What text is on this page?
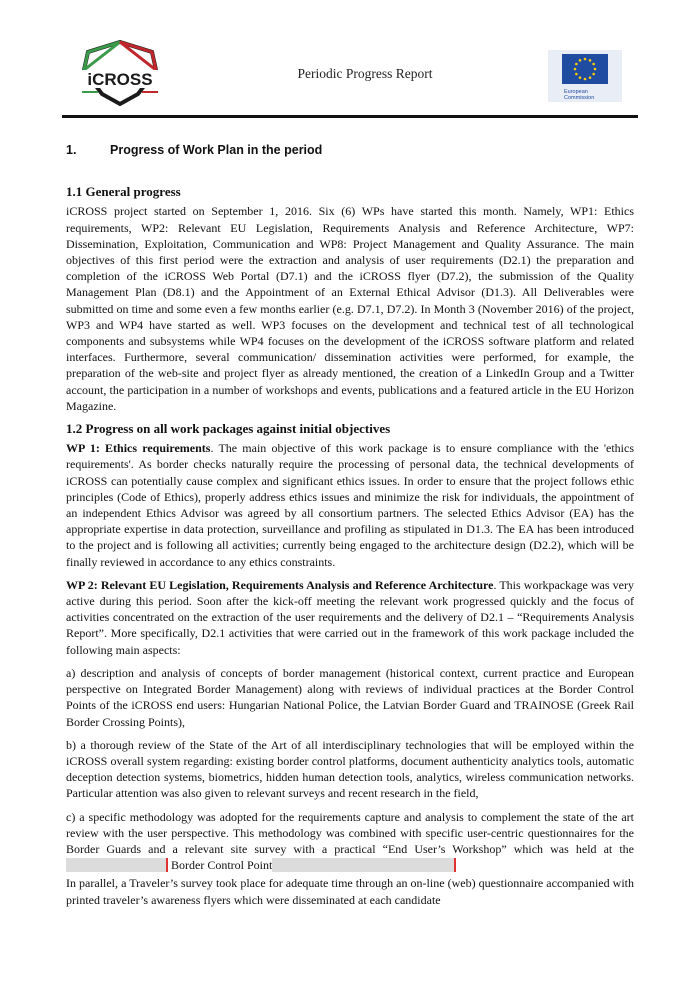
iCROSS	Periodic Progress Report
European
Commission
1.	Progress of Work Plan in the period
1.1 General progress

iCROSS project started on September 1, 2016. Six (6) WPs have started this month. Namely, WP1: Ethics requirements, WP2: Relevant EU Legislation, Requirements Analysis and Reference Architecture, WP7: Dissemination, Exploitation, Communication and WP8: Project Management and Quality Assurance. The main objectives of this first period were the extraction and analysis of user requirements (D2.1) the preparation and completion of the iCROSS Web Portal (D7.1) and the iCROSS flyer (D7.2), the submission of the Quality Management Plan (D8.1) and the Appointment of an External Ethical Advisor (D1.3). All Deliverables were submitted on time and some even a few months earlier (e.g. D7.1, D7.2). In Month 3 (November 2016) of the project, WP3 and WP4 have started as well. WP3 focuses on the development and technical test of all technological components and subsystems while WP4 focuses on the development of the iCROSS software platform and related interfaces. Furthermore, several communication/ dissemination activities were performed, for example, the preparation of the web-site and project flyer as already mentioned, the creation of a LinkedIn Group and a Twitter account, the participation in a number of workshops and events, publications and a featured article in the EU Horizon Magazine.

1.2 Progress on all work packages against initial objectives

WP 1: Ethics requirements. The main objective of this work package is to ensure compliance with the 'ethics requirements'. As border checks naturally require the processing of personal data, the technical developments of iCROSS can potentially cause complex and significant ethics issues. In order to ensure that the project follows ethic principles (Code of Ethics), properly address ethics issues and minimize the risk for individuals, the appointment of an independent Ethics Advisor was agreed by all consortium partners. The selected Ethics Advisor (EA) has the appropriate expertise in data protection, surveillance and profiling as stipulated in D1.3. The EA has been introduced to the project and is following all activities; currently being engaged to the architecture design (D2.2), which will be finally reviewed in accordance to any ethics constraints.

WP 2: Relevant EU Legislation, Requirements Analysis and Reference Architecture. This workpackage was very active during this period. Soon after the kick-off meeting the relevant work progressed quickly and the focus of activities concentrated on the extraction of the user requirements and the delivery of D2.1 – “Requirements Analysis Report”. More specifically, D2.1 activities that were carried out in the framework of this work package included the following main aspects:

a) description and analysis of concepts of border management (historical context, current practice and European perspective on Integrated Border Management) along with reviews of individual practices at the Border Control Points of the iCROSS end users: Hungarian National Police, the Latvian Border Guard and TRAINOSE (Greek Rail Border Crossing Points),

b) a thorough review of the State of the Art of all interdisciplinary technologies that will be employed within the iCROSS overall system regarding: existing border control platforms, document authenticity analytics tools, automatic deception detection systems, biometrics, hidden human detection tools, analytics, wireless communication networks. Particular attention was also given to relevant surveys and recent research in the field,

c) a specific methodology was adopted for the requirements capture and analysis to complement the state of the art review with the user perspective. This methodology was combined with specific user-centric questionnaires for the Border Guards and a relevant site survey with a practical “End User’s Workshop” which was held at the Border Control Point

In parallel, a Traveler’s survey took place for adequate time through an on-line (web) questionnaire accompanied with printed traveler’s awareness flyers which were disseminated at each candidate
